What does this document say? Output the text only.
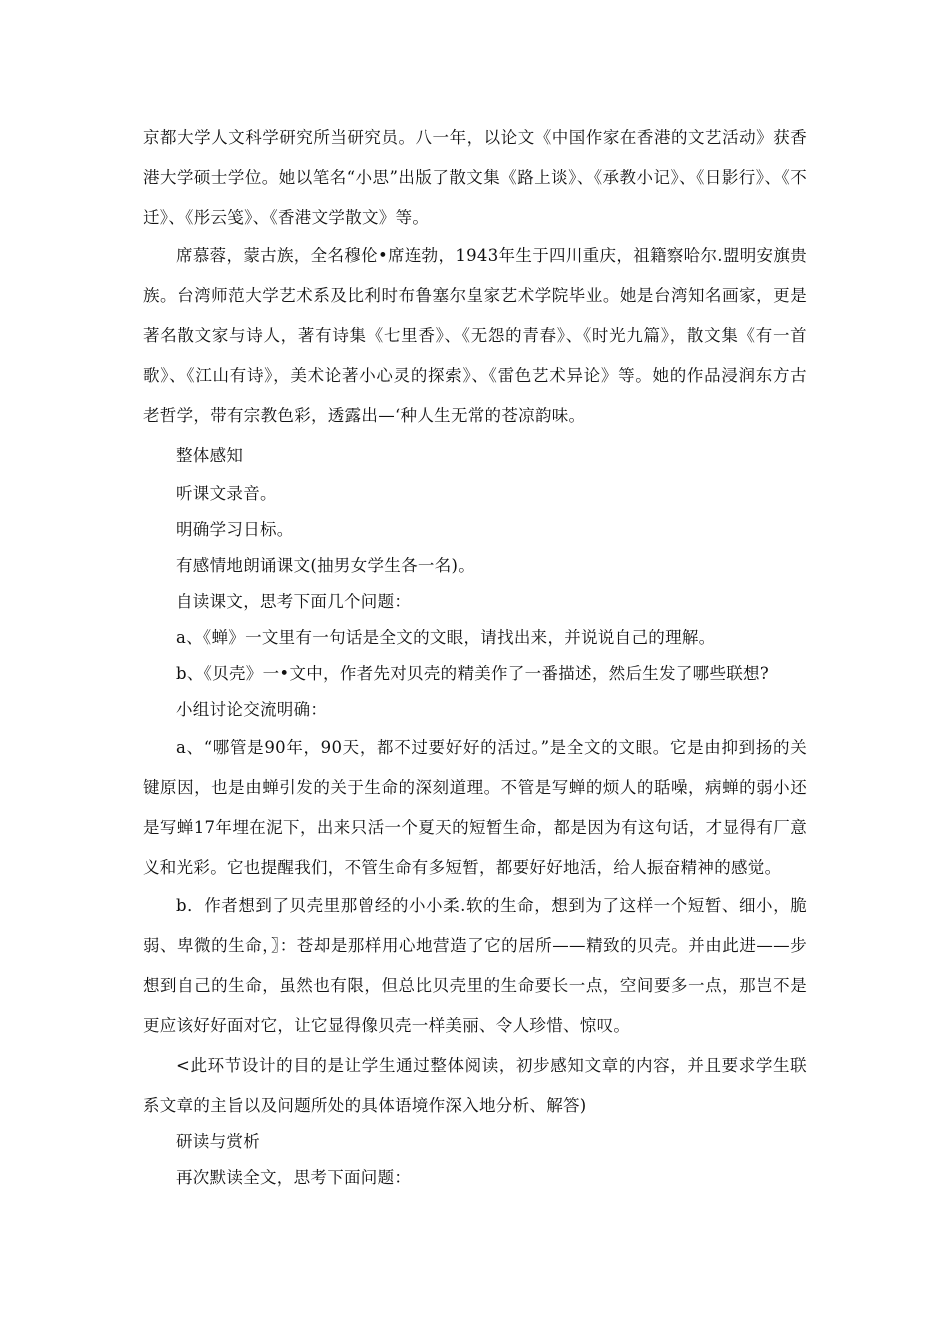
京都大学人文科学研究所当研究员。八一年，以论文《中国作家在香港的文艺活动》获香港大学硕士学位。她以笔名“小思”出版了散文集《路上谈》、《承教小记》、《日影行》、《不迁》、《彤云笺》、《香港文学散文》等。

席慕蓉，蒙古族，全名穆伦•席连勃，1943年生于四川重庆，祖籍察哈尔.盟明安旗贵族。台湾师范大学艺术系及比利时布鲁塞尔皇家艺术学院毕业。她是台湾知名画家，更是著名散文家与诗人，著有诗集《七里香》、《无怨的青春》、《时光九篇》，散文集《有一首歌》、《江山有诗》，美术论著小心灵的探索》、《雷色艺术异论》等。她的作品浸润东方古老哲学，带有宗教色彩，透露出—‘种人生无常的苍凉韵味。

整体感知
听课文录音。
明确学习日标。
有感情地朗诵课文(抽男女学生各一名)。
自读课文，思考下面几个问题：
a、《蝉》一文里有一句话是全文的文眼，请找出来，并说说自己的理解。
b、《贝壳》一•文中，作者先对贝壳的精美作了一番描述，然后生发了哪些联想?
小组讨论交流明确：

a、“哪管是90年，90天，都不过要好好的活过。”是全文的文眼。它是由抑到扬的关键原因，也是由蝉引发的关于生命的深刻道理。不管是写蝉的烦人的聒噪，病蝉的弱小还是写蝉17年埋在泥下，出来只活一个夏天的短暂生命，都是因为有这句话，才显得有厂意义和光彩。它也提醒我们，不管生命有多短暂，都要好好地活，给人振奋精神的感觉。

b．作者想到了贝壳里那曾经的小小柔.软的生命，想到为了这样一个短暂、细小，脆弱、卑微的生命，〗：苍却是那样用心地营造了它的居所——精致的贝壳。并由此进——步想到自己的生命，虽然也有限，但总比贝壳里的生命要长一点，空间要多一点，那岂不是更应该好好面对它，让它显得像贝壳一样美丽、令人珍惜、惊叹。

<此环节设计的目的是让学生通过整体阅读，初步感知文章的内容，并且要求学生联系文章的主旨以及问题所处的具体语境作深入地分析、解答)

研读与赏析
再次默读全文，思考下面问题：
